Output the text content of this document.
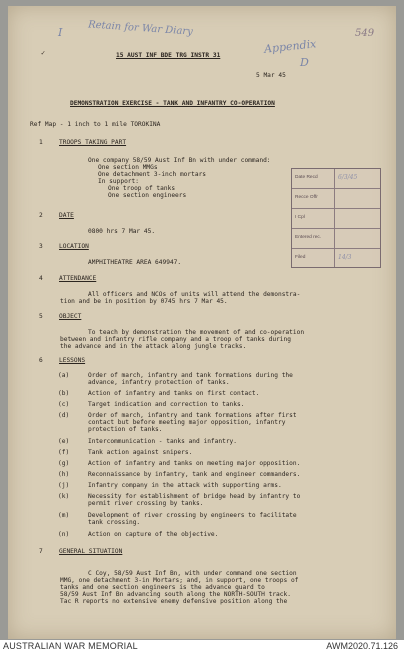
I	Retain for War Diary	549
Appendix
D
✓	15 AUST INF BDE TRG INSTR 31
5 Mar 45
DEMONSTRATION EXERCISE - TANK AND INFANTRY CO-OPERATION
Ref Map - 1 inch to 1 mile TOROKINA
Date Recd	6/3/45
Recce Offr
I Cpl
Entered rec.
Filed	14/3
1	TROOPS TAKING PART
One company 58/59 Aust Inf Bn with under command:
One section MMGs
One detachment 3-inch mortars
In support:
One troop of tanks
One section engineers
2	DATE
0800 hrs 7 Mar 45.
3	LOCATION
AMPHITHEATRE AREA 649947.
4	ATTENDANCE
All officers and NCOs of units will attend the demonstra-
tion and be in position by 0745 hrs 7 Mar 45.
5	OBJECT
To teach by demonstration the movement of and co-operation
between and infantry rifle company and a troop of tanks during
the advance and in the attack along jungle tracks.
6	LESSONS
(a)	Order of march, infantry and tank formations during the
advance, infantry protection of tanks.
(b)	Action of infantry and tanks on first contact.
(c)	Target indication and correction to tanks.
(d)	Order of march, infantry and tank formations after first
contact but before meeting major opposition, infantry
protection of tanks.
(e)	Intercommunication - tanks and infantry.
(f)	Tank action against snipers.
(g)	Action of infantry and tanks on meeting major opposition.
(h)	Reconnaissance by infantry, tank and engineer commanders.
(j)	Infantry company in the attack with supporting arms.
(k)	Necessity for establishment of bridge head by infantry to
permit river crossing by tanks.
(m)	Development of river crossing by engineers to facilitate
tank crossing.
(n)	Action on capture of the objective.
7	GENERAL SITUATION
C Coy, 58/59 Aust Inf Bn, with under command one section
MMG, one detachment 3-in Mortars; and, in support, one troops of
tanks and one section engineers is the advance guard to
58/59 Aust Inf Bn advancing south along the NORTH-SOUTH track.
Tac R reports no extensive enemy defensive position along the
AUSTRALIAN WAR MEMORIAL	AWM2020.71.126
